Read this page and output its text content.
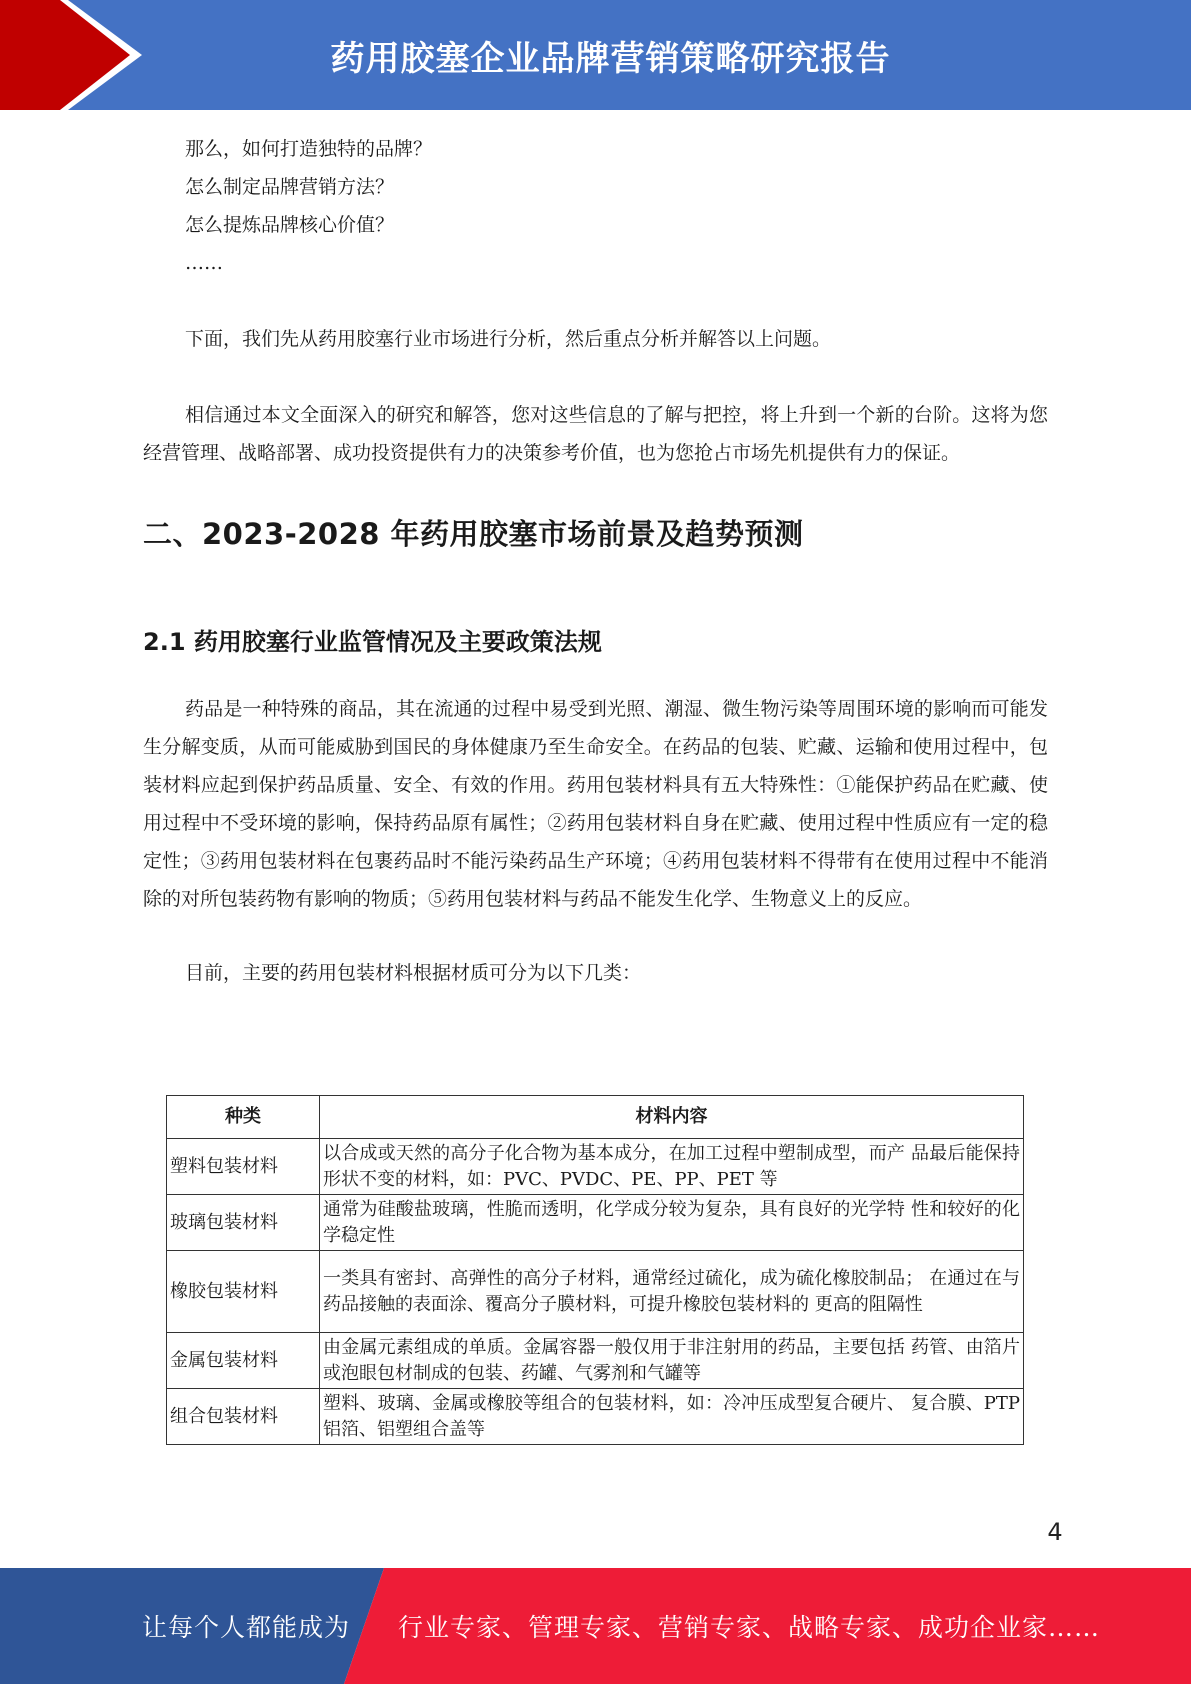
药用胶塞企业品牌营销策略研究报告

那么，如何打造独特的品牌？

怎么制定品牌营销方法？

怎么提炼品牌核心价值？

……

下面，我们先从药用胶塞行业市场进行分析，然后重点分析并解答以上问题。

相信通过本文全面深入的研究和解答，您对这些信息的了解与把控，将上升到一个新的台阶。这将为您经营管理、战略部署、成功投资提供有力的决策参考价值，也为您抢占市场先机提供有力的保证。

二、2023-2028 年药用胶塞市场前景及趋势预测
2.1 药用胶塞行业监管情况及主要政策法规

药品是一种特殊的商品，其在流通的过程中易受到光照、潮湿、微生物污染等周围环境的影响而可能发生分解变质，从而可能威胁到国民的身体健康乃至生命安全。在药品的包装、贮藏、运输和使用过程中，包装材料应起到保护药品质量、安全、有效的作用。药用包装材料具有五大特殊性：①能保护药品在贮藏、使用过程中不受环境的影响，保持药品原有属性；②药用包装材料自身在贮藏、使用过程中性质应有一定的稳定性；③药用包装材料在包裹药品时不能污染药品生产环境；④药用包装材料不得带有在使用过程中不能消除的对所包装药物有影响的物质；⑤药用包装材料与药品不能发生化学、生物意义上的反应。

目前，主要的药用包装材料根据材质可分为以下几类：

种类	材料内容
塑料包装材料	以合成或天然的高分子化合物为基本成分，在加工过程中塑制成型，而产 品最后能保持形状不变的材料，如：PVC、PVDC、PE、PP、PET 等
玻璃包装材料	通常为硅酸盐玻璃，性脆而透明，化学成分较为复杂，具有良好的光学特 性和较好的化学稳定性
橡胶包装材料	一类具有密封、高弹性的高分子材料，通常经过硫化，成为硫化橡胶制品； 在通过在与药品接触的表面涂、覆高分子膜材料，可提升橡胶包装材料的 更高的阻隔性
金属包装材料	由金属元素组成的单质。金属容器一般仅用于非注射用的药品，主要包括 药管、由箔片或泡眼包材制成的包装、药罐、气雾剂和气罐等
组合包装材料	塑料、玻璃、金属或橡胶等组合的包装材料，如：冷冲压成型复合硬片、 复合膜、PTP 铝箔、铝塑组合盖等
4
让每个人都能成为 行业专家、管理专家、营销专家、战略专家、成功企业家……
